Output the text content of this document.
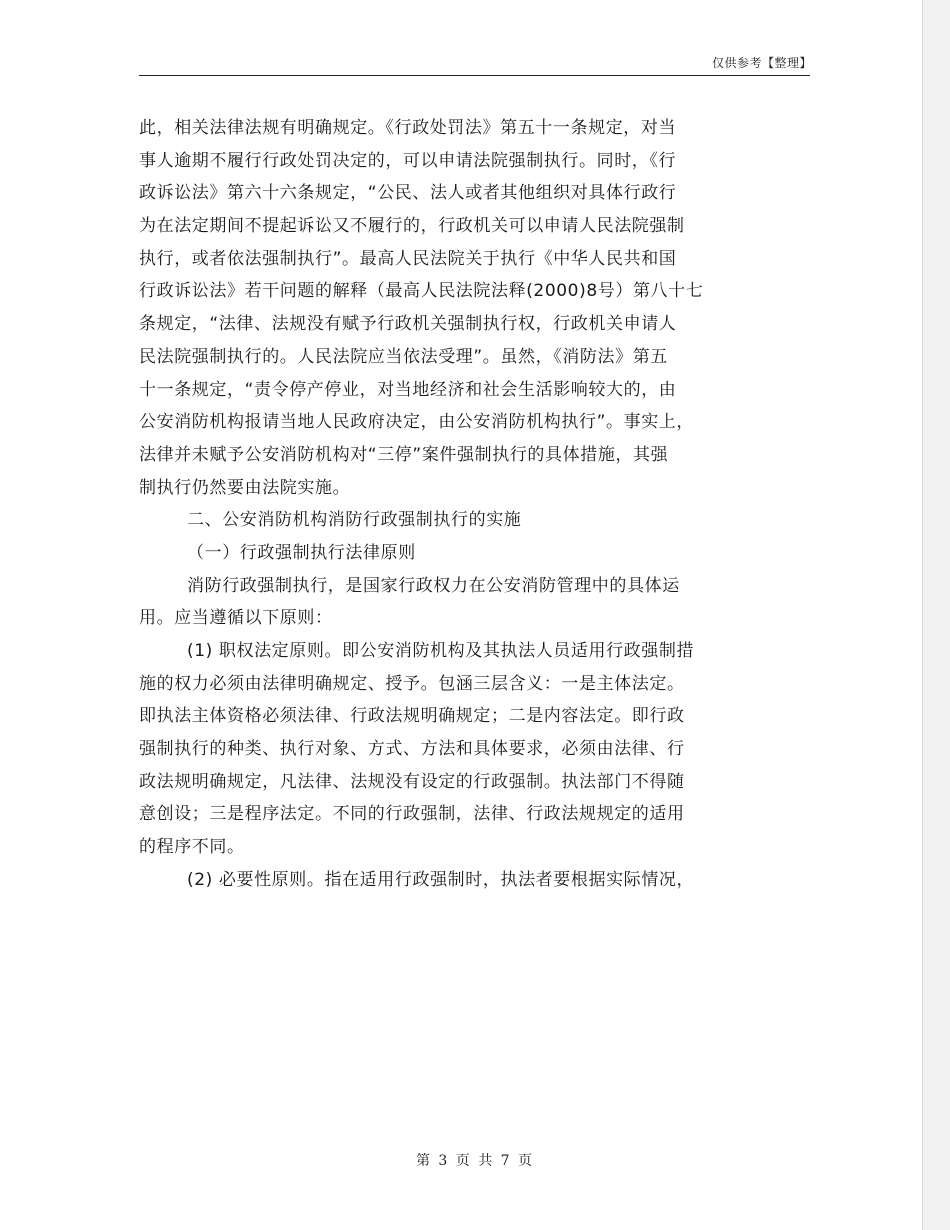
仅供参考【整理】
此，相关法律法规有明确规定。《行政处罚法》第五十一条规定，对当
事人逾期不履行行政处罚决定的，可以申请法院强制执行。同时，《行
政诉讼法》第六十六条规定，“公民、法人或者其他组织对具体行政行
为在法定期间不提起诉讼又不履行的，行政机关可以申请人民法院强制
执行，或者依法强制执行”。最高人民法院关于执行《中华人民共和国
行政诉讼法》若干问题的解释（最高人民法院法释(2000)8号）第八十七
条规定，“法律、法规没有赋予行政机关强制执行权，行政机关申请人
民法院强制执行的。人民法院应当依法受理”。虽然，《消防法》第五
十一条规定，“责令停产停业，对当地经济和社会生活影响较大的，由
公安消防机构报请当地人民政府决定，由公安消防机构执行”。事实上，
法律并未赋予公安消防机构对“三停”案件强制执行的具体措施，其强
制执行仍然要由法院实施。
二、公安消防机构消防行政强制执行的实施
（一）行政强制执行法律原则
消防行政强制执行，是国家行政权力在公安消防管理中的具体运
用。应当遵循以下原则：
(1) 职权法定原则。即公安消防机构及其执法人员适用行政强制措
施的权力必须由法律明确规定、授予。包涵三层含义：一是主体法定。
即执法主体资格必须法律、行政法规明确规定；二是内容法定。即行政
强制执行的种类、执行对象、方式、方法和具体要求，必须由法律、行
政法规明确规定，凡法律、法规没有设定的行政强制。执法部门不得随
意创设；三是程序法定。不同的行政强制，法律、行政法规规定的适用
的程序不同。
(2) 必要性原则。指在适用行政强制时，执法者要根据实际情况，
第 3 页 共 7 页
